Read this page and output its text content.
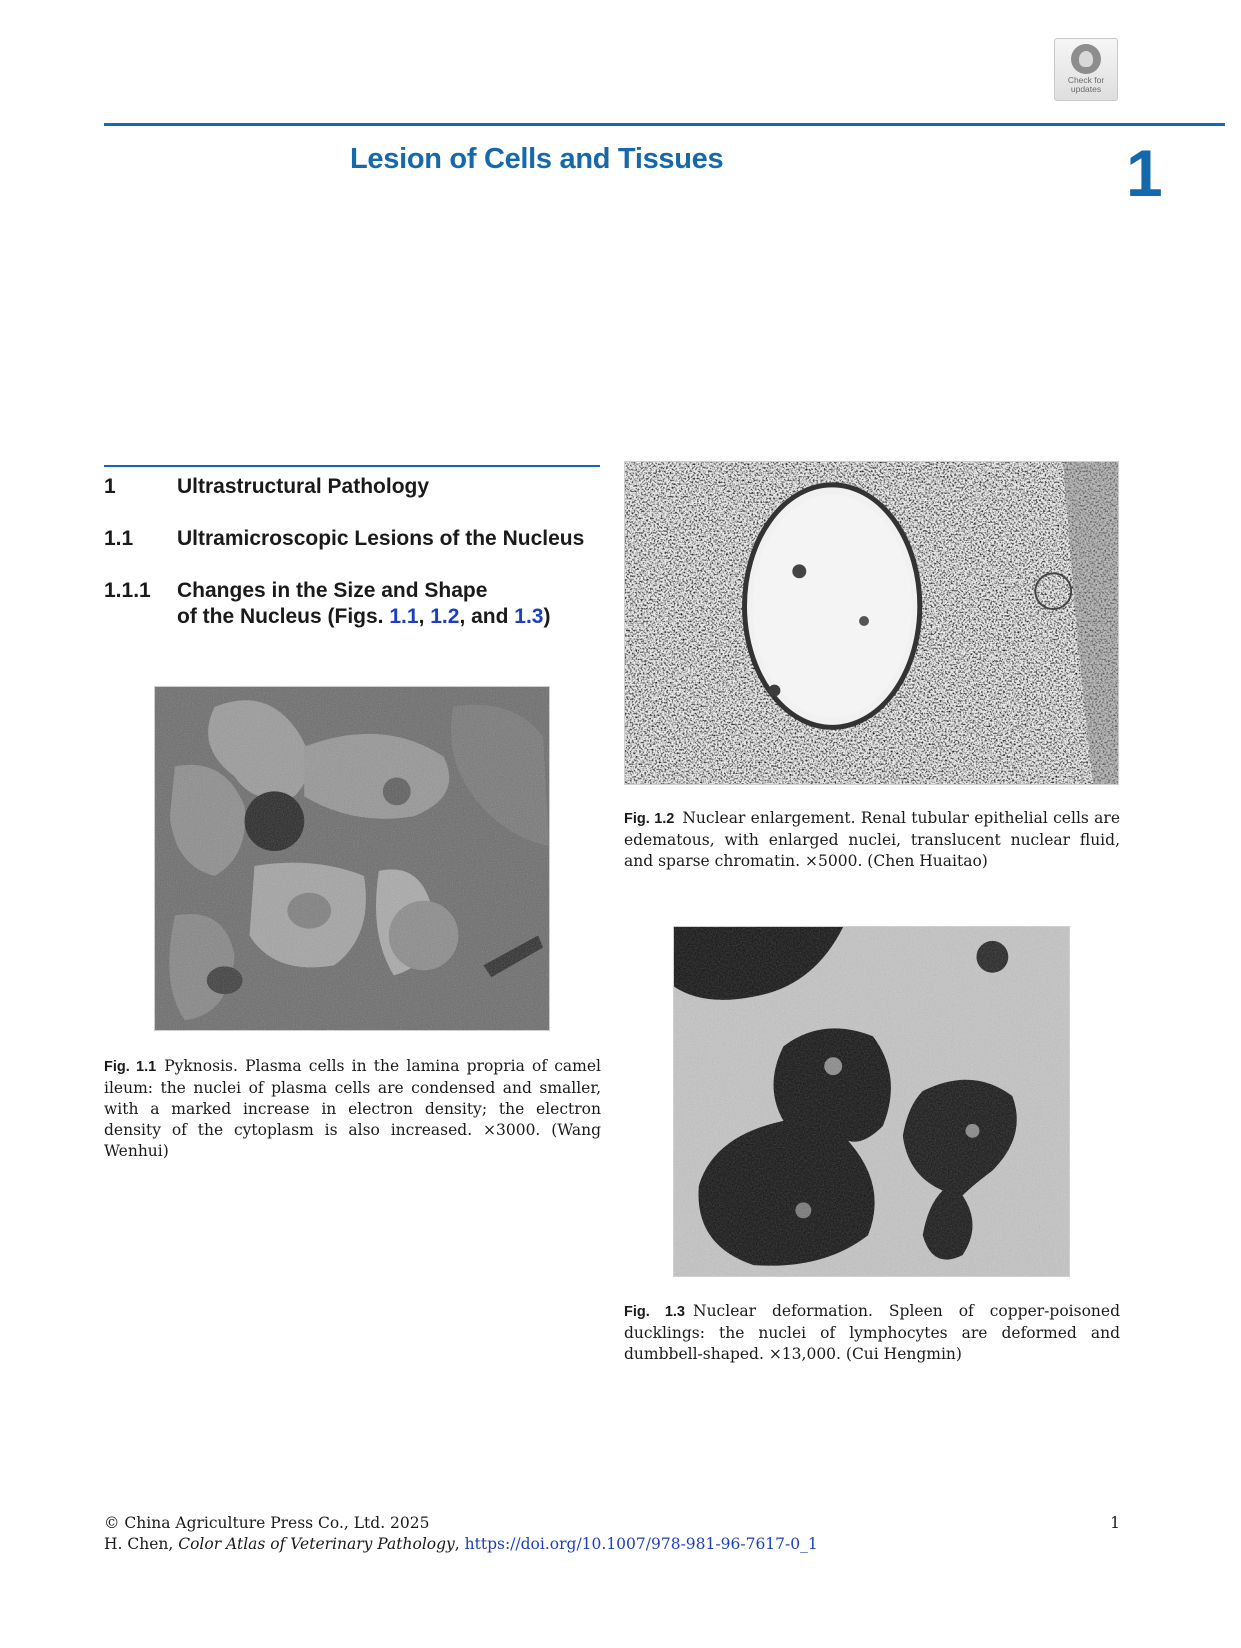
Check for
updates
Lesion of Cells and Tissues	1
1	Ultrastructural Pathology
1.1 Ultramicroscopic Lesions of the Nucleus
1.1.1 Changes in the Size and Shape
of the Nucleus (Figs. 1.1, 1.2, and 1.3)
Fig. 1.1 Pyknosis. Plasma cells in the lamina propria of camel ileum: the nuclei of plasma cells are condensed and smaller, with a marked increase in electron density; the electron density of the cytoplasm is also increased. ×3000. (Wang Wenhui)
Fig. 1.2 Nuclear enlargement. Renal tubular epithelial cells are edematous, with enlarged nuclei, translucent nuclear fluid, and sparse chromatin. ×5000. (Chen Huaitao)
Fig. 1.3 Nuclear deformation. Spleen of copper-poisoned ducklings: the nuclei of lymphocytes are deformed and dumbbell-shaped. ×13,000. (Cui Hengmin)
© China Agriculture Press Co., Ltd. 2025
H. Chen, Color Atlas of Veterinary Pathology, https://doi.org/10.1007/978-981-96-7617-0_1
1
